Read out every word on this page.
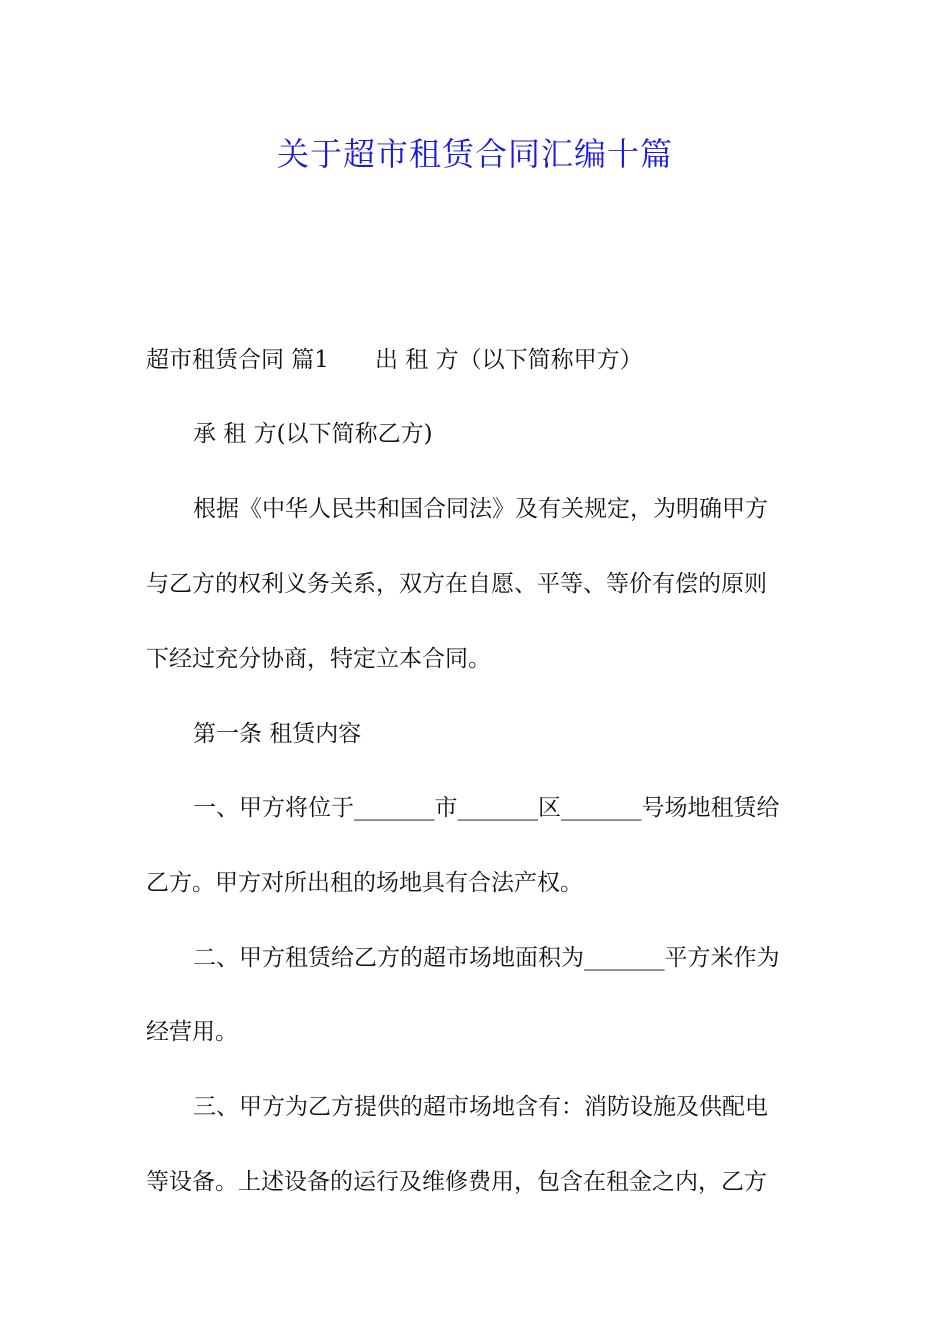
关于超市租赁合同汇编十篇
超市租赁合同 篇1 出 租 方（以下简称甲方）
承 租 方(以下简称乙方)
根据《中华人民共和国合同法》及有关规定，为明确甲方
与乙方的权利义务关系，双方在自愿、平等、等价有偿的原则
下经过充分协商，特定立本合同。
第一条 租赁内容
一、甲方将位于_______市_______区_______号场地租赁给
乙方。甲方对所出租的场地具有合法产权。
二、甲方租赁给乙方的超市场地面积为_______平方米作为
经营用。
三、甲方为乙方提供的超市场地含有：消防设施及供配电
等设备。上述设备的运行及维修费用，包含在租金之内，乙方
